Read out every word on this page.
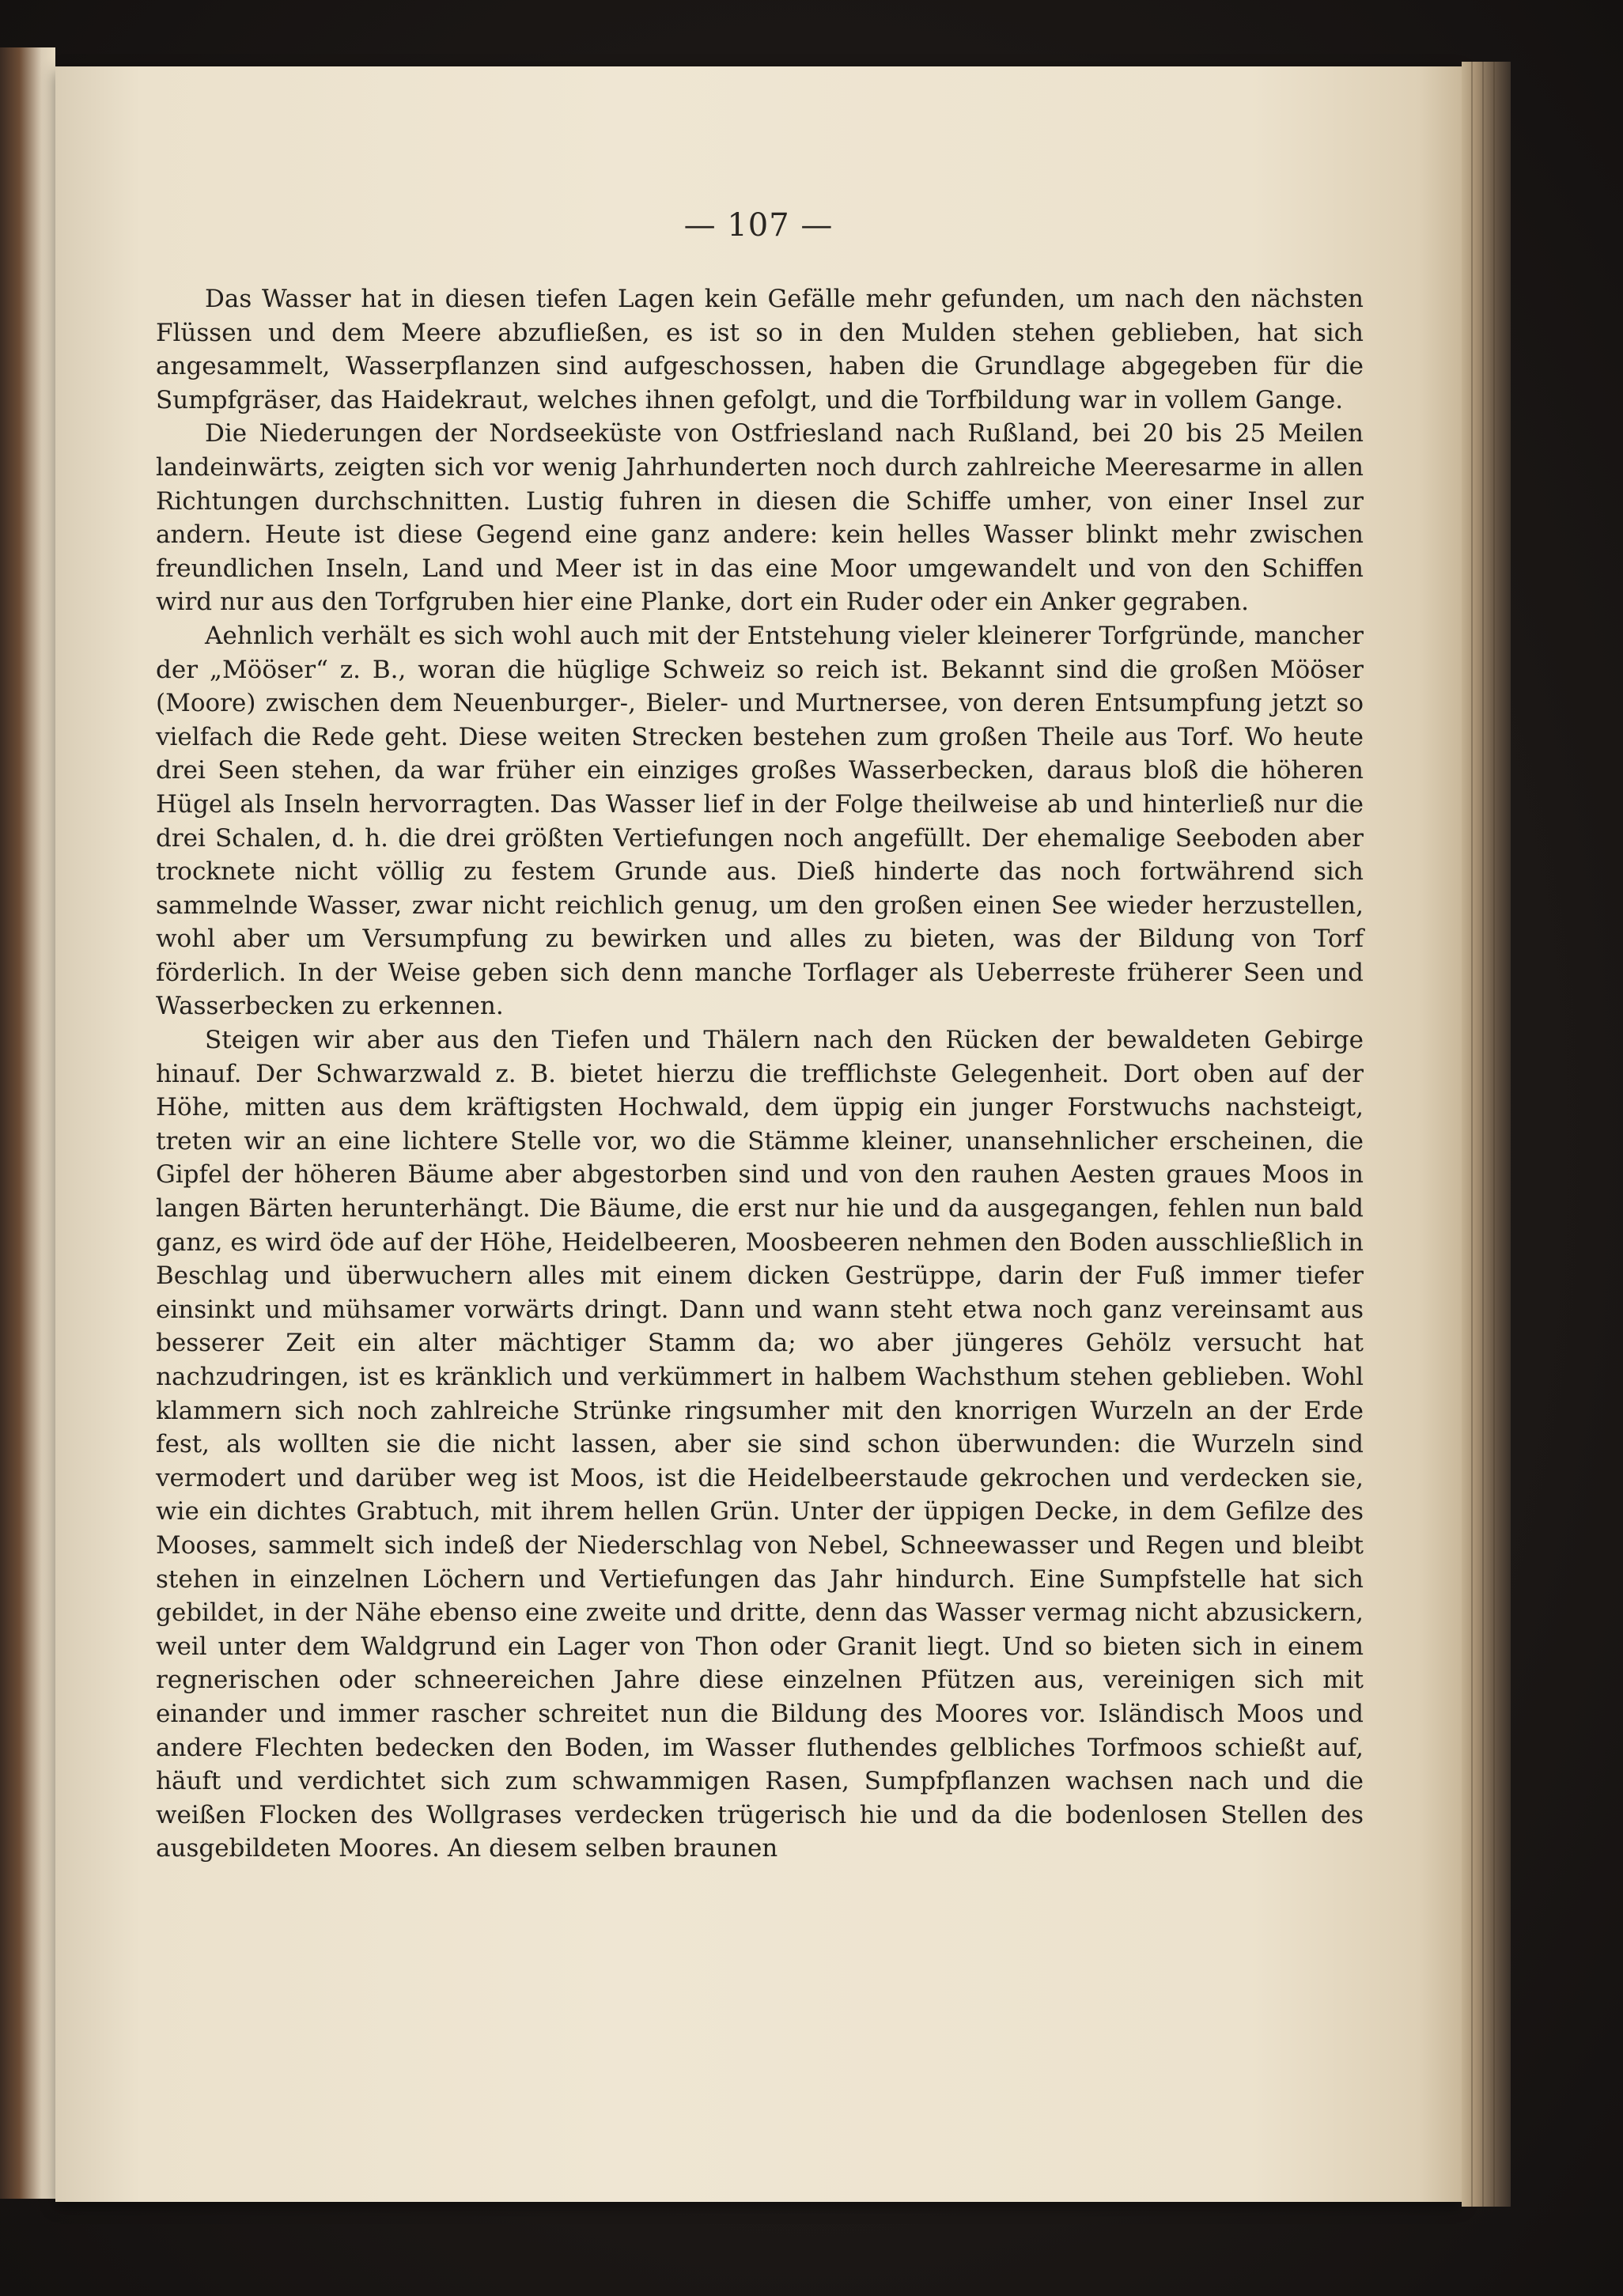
— 107 —

Das Wasser hat in diesen tiefen Lagen kein Gefälle mehr gefunden, um nach den nächsten Flüssen und dem Meere abzufließen, es ist so in den Mulden stehen geblieben, hat sich angesammelt, Wasserpflanzen sind aufgeschossen, haben die Grundlage abgegeben für die Sumpfgräser, das Haidekraut, welches ihnen gefolgt, und die Torfbildung war in vollem Gange.

Die Niederungen der Nordseeküste von Ostfriesland nach Rußland, bei 20 bis 25 Meilen landeinwärts, zeigten sich vor wenig Jahrhunderten noch durch zahlreiche Meeresarme in allen Richtungen durchschnitten. Lustig fuhren in diesen die Schiffe umher, von einer Insel zur andern. Heute ist diese Gegend eine ganz andere: kein helles Wasser blinkt mehr zwischen freundlichen Inseln, Land und Meer ist in das eine Moor umgewandelt und von den Schiffen wird nur aus den Torfgruben hier eine Planke, dort ein Ruder oder ein Anker gegraben.

Aehnlich verhält es sich wohl auch mit der Entstehung vieler kleinerer Torfgründe, mancher der „Mööser“ z. B., woran die hüglige Schweiz so reich ist. Bekannt sind die großen Mööser (Moore) zwischen dem Neuenburger-, Bieler- und Murtnersee, von deren Entsumpfung jetzt so vielfach die Rede geht. Diese weiten Strecken bestehen zum großen Theile aus Torf. Wo heute drei Seen stehen, da war früher ein einziges großes Wasserbecken, daraus bloß die höheren Hügel als Inseln hervorragten. Das Wasser lief in der Folge theilweise ab und hinterließ nur die drei Schalen, d. h. die drei größten Vertiefungen noch angefüllt. Der ehemalige Seeboden aber trocknete nicht völlig zu festem Grunde aus. Dieß hinderte das noch fortwährend sich sammelnde Wasser, zwar nicht reichlich genug, um den großen einen See wieder herzustellen, wohl aber um Versumpfung zu bewirken und alles zu bieten, was der Bildung von Torf förderlich. In der Weise geben sich denn manche Torflager als Ueberreste früherer Seen und Wasserbecken zu erkennen.

Steigen wir aber aus den Tiefen und Thälern nach den Rücken der bewaldeten Gebirge hinauf. Der Schwarzwald z. B. bietet hierzu die trefflichste Gelegenheit. Dort oben auf der Höhe, mitten aus dem kräftigsten Hochwald, dem üppig ein junger Forstwuchs nachsteigt, treten wir an eine lichtere Stelle vor, wo die Stämme kleiner, unansehnlicher erscheinen, die Gipfel der höheren Bäume aber abgestorben sind und von den rauhen Aesten graues Moos in langen Bärten herunterhängt. Die Bäume, die erst nur hie und da ausgegangen, fehlen nun bald ganz, es wird öde auf der Höhe, Heidelbeeren, Moosbeeren nehmen den Boden ausschließlich in Beschlag und überwuchern alles mit einem dicken Gestrüppe, darin der Fuß immer tiefer einsinkt und mühsamer vorwärts dringt. Dann und wann steht etwa noch ganz vereinsamt aus besserer Zeit ein alter mächtiger Stamm da; wo aber jüngeres Gehölz versucht hat nachzudringen, ist es kränklich und verkümmert in halbem Wachsthum stehen geblieben. Wohl klammern sich noch zahlreiche Strünke ringsumher mit den knorrigen Wurzeln an der Erde fest, als wollten sie die nicht lassen, aber sie sind schon überwunden: die Wurzeln sind vermodert und darüber weg ist Moos, ist die Heidelbeerstaude gekrochen und verdecken sie, wie ein dichtes Grabtuch, mit ihrem hellen Grün. Unter der üppigen Decke, in dem Gefilze des Mooses, sammelt sich indeß der Niederschlag von Nebel, Schneewasser und Regen und bleibt stehen in einzelnen Löchern und Vertiefungen das Jahr hindurch. Eine Sumpfstelle hat sich gebildet, in der Nähe ebenso eine zweite und dritte, denn das Wasser vermag nicht abzusickern, weil unter dem Waldgrund ein Lager von Thon oder Granit liegt. Und so bieten sich in einem regnerischen oder schneereichen Jahre diese einzelnen Pfützen aus, vereinigen sich mit einander und immer rascher schreitet nun die Bildung des Moores vor. Isländisch Moos und andere Flechten bedecken den Boden, im Wasser fluthendes gelbliches Torfmoos schießt auf, häuft und verdichtet sich zum schwammigen Rasen, Sumpfpflanzen wachsen nach und die weißen Flocken des Wollgrases verdecken trügerisch hie und da die bodenlosen Stellen des ausgebildeten Moores. An diesem selben braunen
